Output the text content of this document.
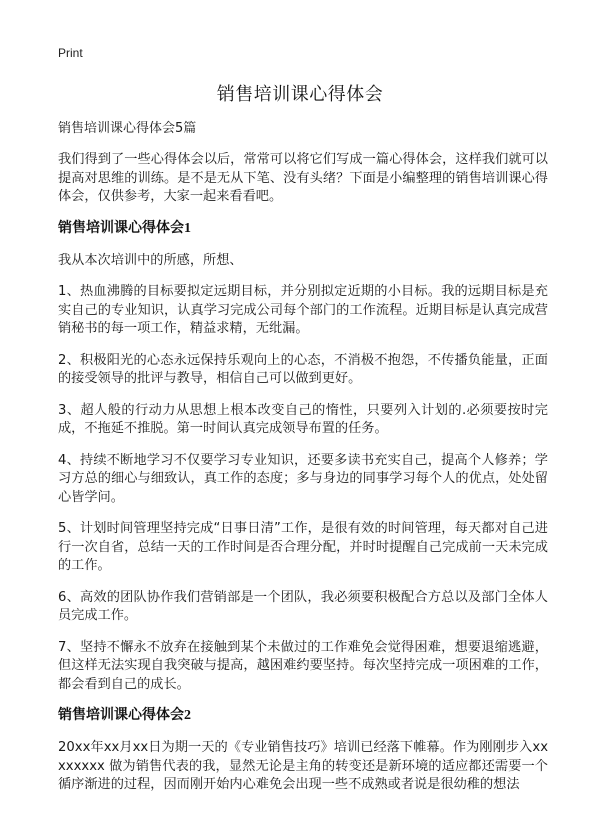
Print
销售培训课心得体会

销售培训课心得体会5篇

我们得到了一些心得体会以后，常常可以将它们写成一篇心得体会，这样我们就可以提高对思维的训练。是不是无从下笔、没有头绪？下面是小编整理的销售培训课心得体会，仅供参考，大家一起来看看吧。

销售培训课心得体会1

我从本次培训中的所感，所想、

1、热血沸腾的目标要拟定远期目标，并分别拟定近期的小目标。我的远期目标是充实自己的专业知识，认真学习完成公司每个部门的工作流程。近期目标是认真完成营销秘书的每一项工作，精益求精，无纰漏。

2、积极阳光的心态永远保持乐观向上的心态，不消极不抱怨，不传播负能量，正面的接受领导的批评与教导，相信自己可以做到更好。

3、超人般的行动力从思想上根本改变自己的惰性，只要列入计划的.必须要按时完成，不拖延不推脱。第一时间认真完成领导布置的任务。

4、持续不断地学习不仅要学习专业知识，还要多读书充实自己，提高个人修养；学习方总的细心与细致认，真工作的态度；多与身边的同事学习每个人的优点，处处留心皆学问。

5、计划时间管理坚持完成“日事日清”工作，是很有效的时间管理，每天都对自己进行一次自省，总结一天的工作时间是否合理分配，并时时提醒自己完成前一天未完成的工作。

6、高效的团队协作我们营销部是一个团队，我必须要积极配合方总以及部门全体人员完成工作。

7、坚持不懈永不放弃在接触到某个未做过的工作难免会觉得困难，想要退缩逃避，但这样无法实现自我突破与提高，越困难约要坚持。每次坚持完成一项困难的工作，都会看到自己的成长。

销售培训课心得体会2

20xx年xx月xx日为期一天的《专业销售技巧》培训已经落下帷幕。作为刚刚步入xxxxxxxx 做为销售代表的我，显然无论是主角的转变还是新环境的适应都还需要一个循序渐进的过程，因而刚开始内心难免会出现一些不成熟或者说是很幼稚的想法
